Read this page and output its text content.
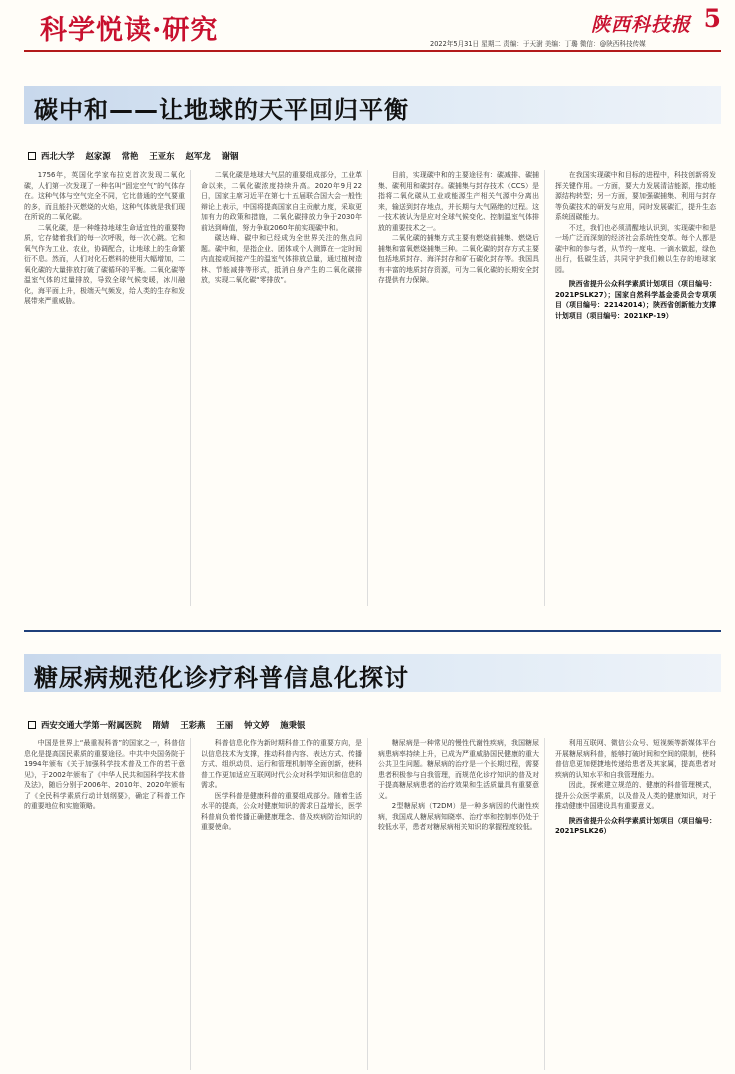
科学悦读·研究	陕西科技报 5
2022年5月31日 星期二 责编：于天澍 美编：丁璐 微信：@陕西科技传媒
碳中和——让地球的天平回归平衡
西北大学 赵家源 常艳 王亚东 赵军龙 谢锢

1756年，英国化学家布拉克首次发现二氧化碳，人们第一次发现了一种名叫“固定空气”的气体存在。这种气体与空气完全不同，它比普通的空气要重的多，而且能扑灭燃烧的火焰，这种气体就是我们现在所说的二氧化碳。

二氧化碳，是一种维持地球生命适宜性的重要物质，它存储着我们的每一次呼吸，每一次心跳。它和氧气作为工业、农业，协调配合，让地球上的生命繁衍不息。然而，人们对化石燃料的使用大幅增加，二氧化碳的大量排放打破了碳循环的平衡。二氧化碳等温室气体的过量排放，导致全球气候变暖，冰川融化，海平面上升，极端天气频发，给人类的生存和发展带来严重威胁。

二氧化碳是地球大气层的重要组成部分，工业革命以来，二氧化碳浓度持续升高。2020年9月22日，国家主席习近平在第七十五届联合国大会一般性辩论上表示，中国将提高国家自主贡献力度，采取更加有力的政策和措施，二氧化碳排放力争于2030年前达到峰值，努力争取2060年前实现碳中和。

碳达峰、碳中和已经成为全世界关注的焦点问题。碳中和，是指企业、团体或个人测算在一定时间内直接或间接产生的温室气体排放总量，通过植树造林、节能减排等形式，抵消自身产生的二氧化碳排放，实现二氧化碳“零排放”。

目前，实现碳中和的主要途径有：碳减排、碳捕集、碳利用和碳封存。碳捕集与封存技术（CCS）是指将二氧化碳从工业或能源生产相关气源中分离出来，输送到封存地点，并长期与大气隔绝的过程。这一技术被认为是应对全球气候变化、控制温室气体排放的重要技术之一。

二氧化碳的捕集方式主要有燃烧前捕集、燃烧后捕集和富氧燃烧捕集三种。二氧化碳的封存方式主要包括地质封存、海洋封存和矿石碳化封存等。我国具有丰富的地质封存资源，可为二氧化碳的长期安全封存提供有力保障。

在我国实现碳中和目标的进程中，科技创新将发挥关键作用。一方面，要大力发展清洁能源，推动能源结构转型；另一方面，要加强碳捕集、利用与封存等负碳技术的研发与应用，同时发展碳汇，提升生态系统固碳能力。

不过，我们也必须清醒地认识到，实现碳中和是一场广泛而深刻的经济社会系统性变革。每个人都是碳中和的参与者，从节约一度电、一滴水做起，绿色出行，低碳生活，共同守护我们赖以生存的地球家园。

陕西省提升公众科学素质计划项目（项目编号：2021PSLK27）；国家自然科学基金委员会专项项目（项目编号：22142014）；陕西省创新能力支撑计划项目（项目编号：2021KP-19）

糖尿病规范化诊疗科普信息化探讨
西安交通大学第一附属医院 隋婧 王彩燕 王丽 钟文婷 施秉银

中国是世界上“最重视科普”的国家之一，科普信息化是提高国民素质的重要途径。中共中央国务院于1994年颁布《关于加强科学技术普及工作的若干意见》，于2002年颁布了《中华人民共和国科学技术普及法》，随后分别于2006年、2010年、2020年颁布了《全民科学素质行动计划纲要》，确定了科普工作的重要地位和实施策略。

科普信息化作为新时期科普工作的重要方向，是以信息技术为支撑，推动科普内容、表达方式、传播方式、组织动员、运行和管理机制等全面创新，使科普工作更加适应互联网时代公众对科学知识和信息的需求。

医学科普是健康科普的重要组成部分。随着生活水平的提高，公众对健康知识的需求日益增长，医学科普肩负着传播正确健康理念、普及疾病防治知识的重要使命。

糖尿病是一种常见的慢性代谢性疾病，我国糖尿病患病率持续上升，已成为严重威胁国民健康的重大公共卫生问题。糖尿病的治疗是一个长期过程，需要患者积极参与自我管理，而规范化诊疗知识的普及对于提高糖尿病患者的治疗效果和生活质量具有重要意义。

2型糖尿病（T2DM）是一种多病因的代谢性疾病，我国成人糖尿病知晓率、治疗率和控制率仍处于较低水平，患者对糖尿病相关知识的掌握程度较低。

利用互联网、微信公众号、短视频等新媒体平台开展糖尿病科普，能够打破时间和空间的限制，使科普信息更加便捷地传递给患者及其家属，提高患者对疾病的认知水平和自我管理能力。

因此，探索建立规范的、健康的科普管理模式，提升公众医学素质，以及普及人类的健康知识，对于推动健康中国建设具有重要意义。

陕西省提升公众科学素质计划项目（项目编号：2021PSLK26）
